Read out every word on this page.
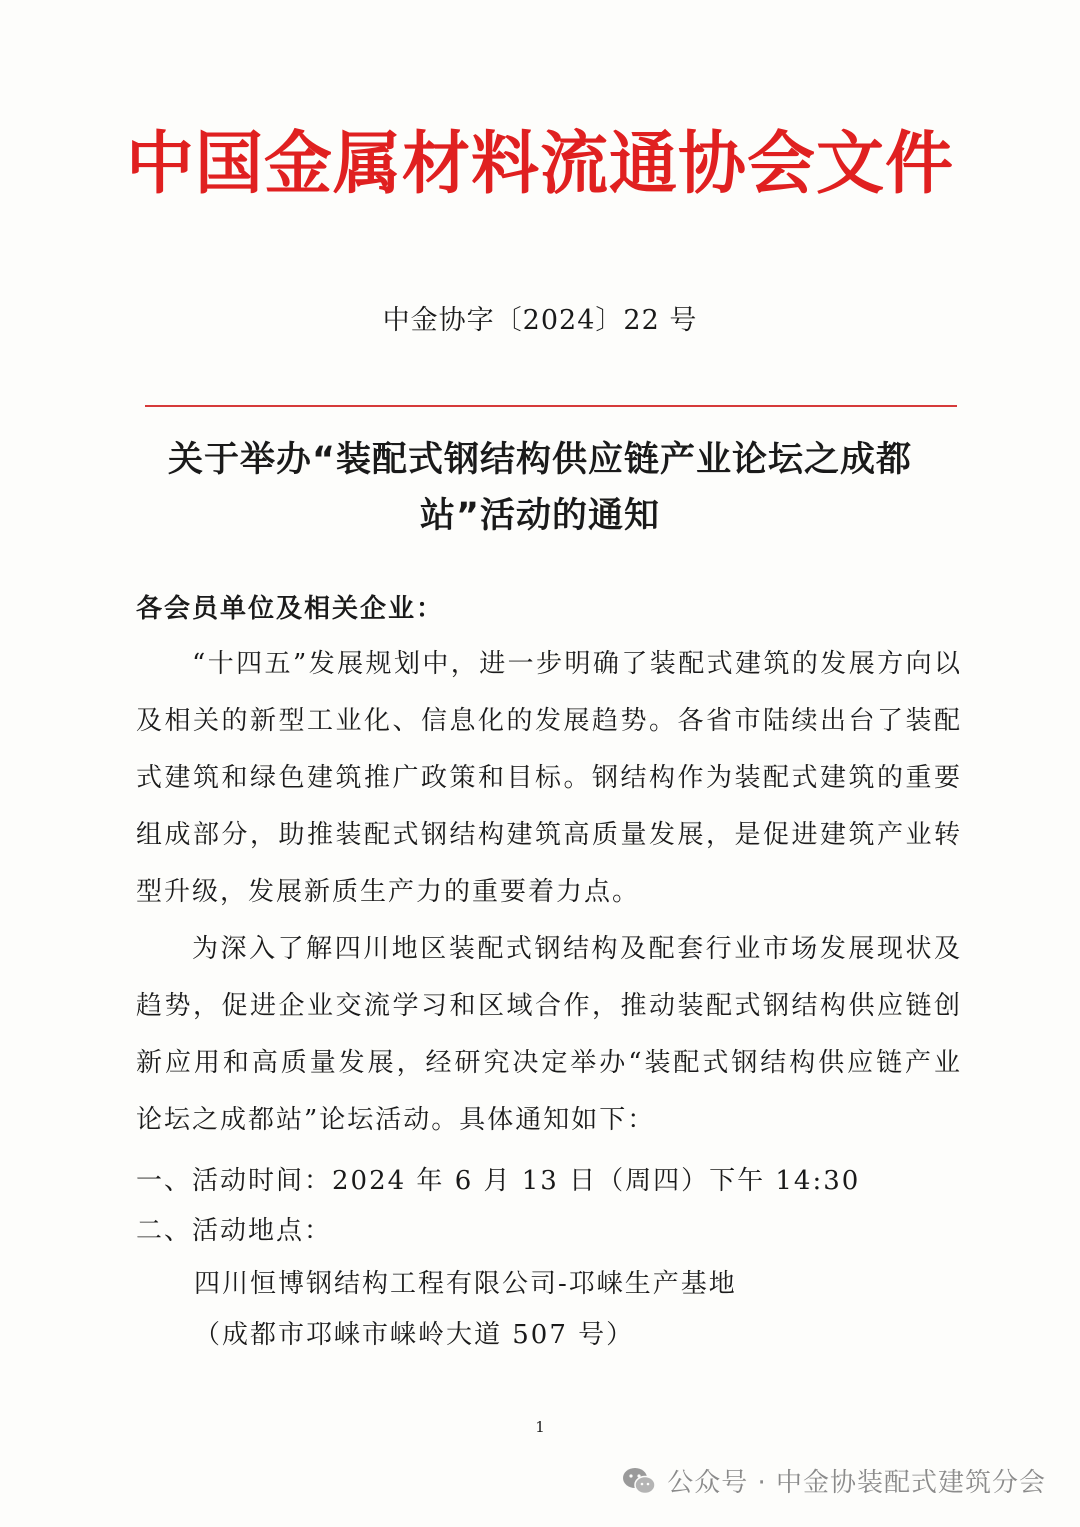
中国金属材料流通协会文件
中金协字〔2024〕22 号
关于举办“装配式钢结构供应链产业论坛之成都
站”活动的通知
各会员单位及相关企业：
“十四五”发展规划中，进一步明确了装配式建筑的发展方向以及相关的新型工业化、信息化的发展趋势。各省市陆续出台了装配式建筑和绿色建筑推广政策和目标。钢结构作为装配式建筑的重要组成部分，助推装配式钢结构建筑高质量发展，是促进建筑产业转型升级，发展新质生产力的重要着力点。
为深入了解四川地区装配式钢结构及配套行业市场发展现状及趋势，促进企业交流学习和区域合作，推动装配式钢结构供应链创新应用和高质量发展，经研究决定举办“装配式钢结构供应链产业论坛之成都站”论坛活动。具体通知如下：
一、活动时间：2024 年 6 月 13 日（周四）下午 14:30
二、活动地点：
四川恒博钢结构工程有限公司-邛崃生产基地
（成都市邛崃市崃岭大道 507 号）
1
公众号 · 中金协装配式建筑分会
